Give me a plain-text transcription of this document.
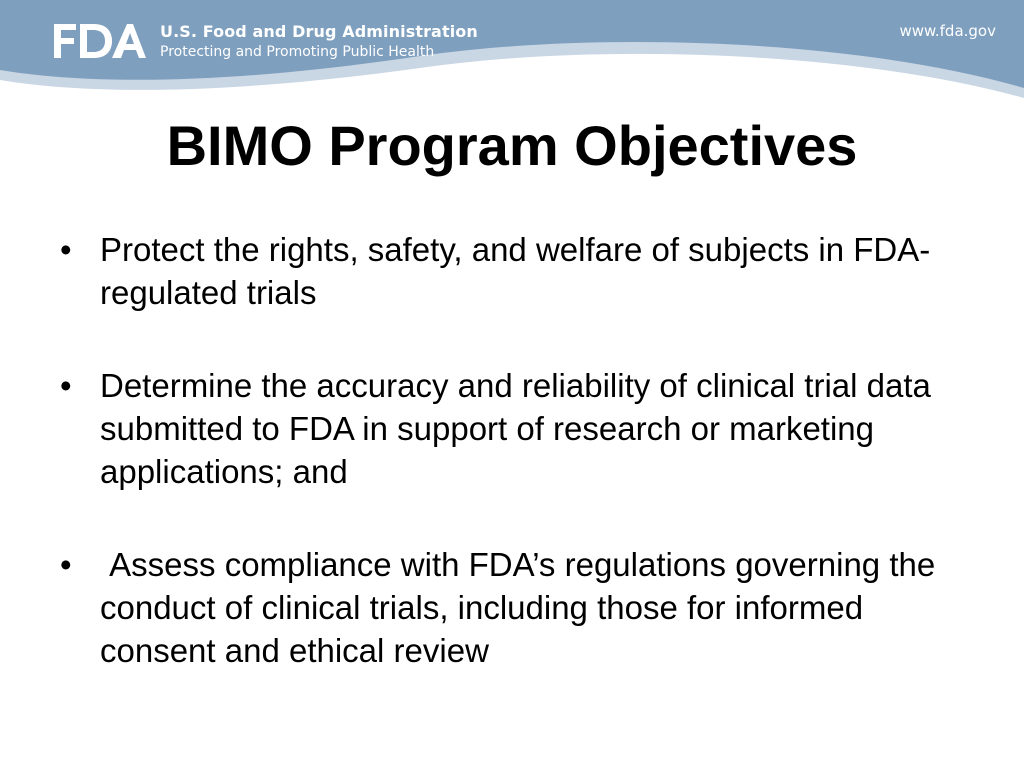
U.S. Food and Drug Administration
Protecting and Promoting Public Health
www.fda.gov
BIMO Program Objectives
• Protect the rights, safety, and welfare of subjects in FDA-regulated trials
• Determine the accuracy and reliability of clinical trial data submitted to FDA in support of research or marketing applications; and
• Assess compliance with FDA’s regulations governing the conduct of clinical trials, including those for informed consent and ethical review
